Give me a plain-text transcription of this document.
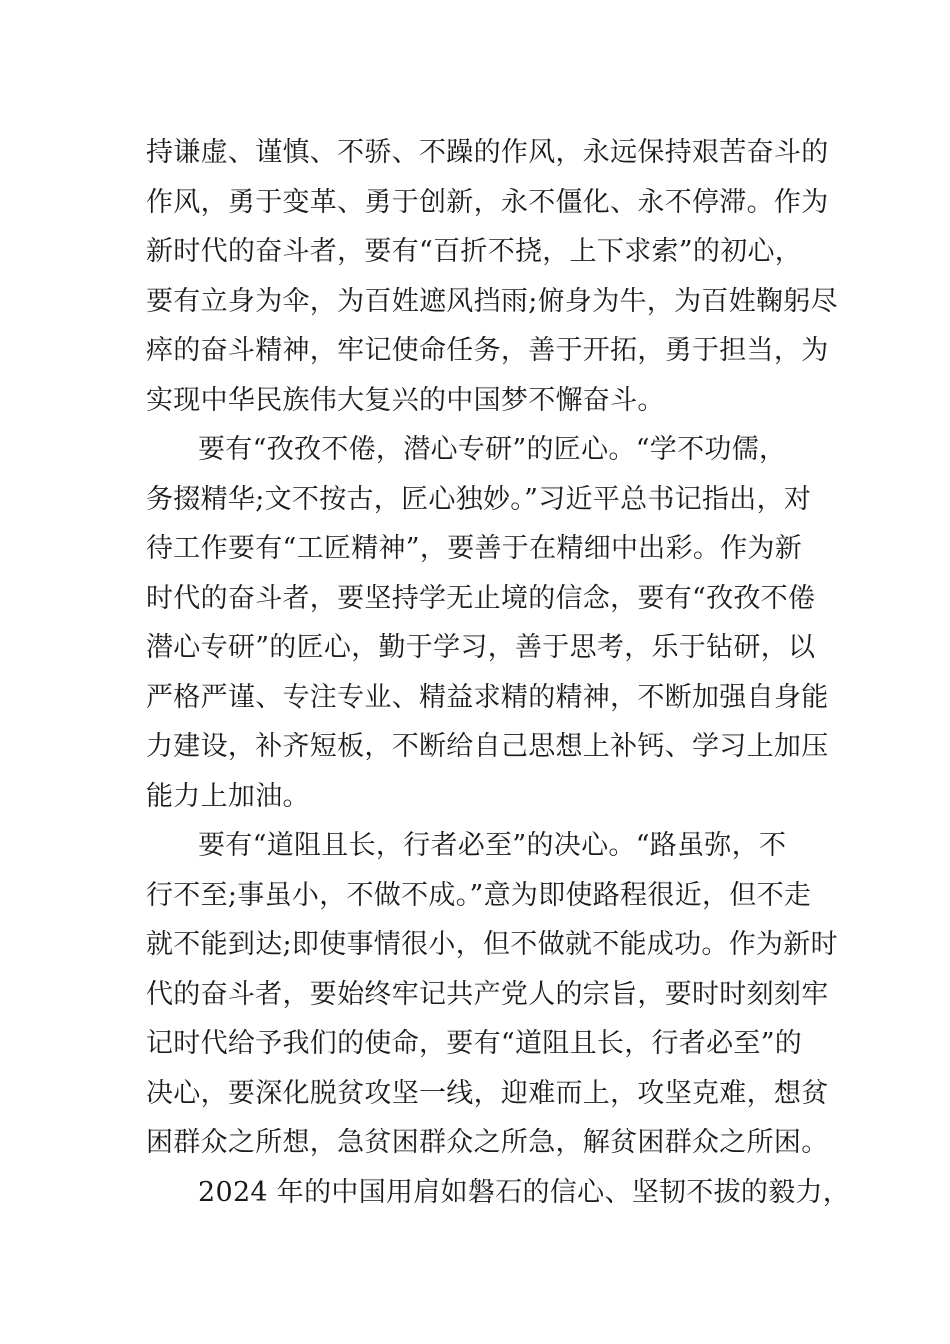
持谦虚、谨慎、不骄、不躁的作风，永远保持艰苦奋斗的
作风，勇于变革、勇于创新，永不僵化、永不停滞。作为
新时代的奋斗者，要有“百折不挠，上下求索”的初心，
要有立身为伞，为百姓遮风挡雨;俯身为牛，为百姓鞠躬尽
瘁的奋斗精神，牢记使命任务，善于开拓，勇于担当，为
实现中华民族伟大复兴的中国梦不懈奋斗。
要有“孜孜不倦，潜心专研”的匠心。“学不功儒，
务掇精华;文不按古，匠心独妙。”习近平总书记指出，对
待工作要有“工匠精神”，要善于在精细中出彩。作为新
时代的奋斗者，要坚持学无止境的信念，要有“孜孜不倦
潜心专研”的匠心，勤于学习，善于思考，乐于钻研，以
严格严谨、专注专业、精益求精的精神，不断加强自身能
力建设，补齐短板，不断给自己思想上补钙、学习上加压
能力上加油。
要有“道阻且长，行者必至”的决心。“路虽弥，不
行不至;事虽小，不做不成。”意为即使路程很近，但不走
就不能到达;即使事情很小，但不做就不能成功。作为新时
代的奋斗者，要始终牢记共产党人的宗旨，要时时刻刻牢
记时代给予我们的使命，要有“道阻且长，行者必至”的
决心，要深化脱贫攻坚一线，迎难而上，攻坚克难，想贫
困群众之所想，急贫困群众之所急，解贫困群众之所困。
2024 年的中国用肩如磐石的信心、坚韧不拔的毅力，
